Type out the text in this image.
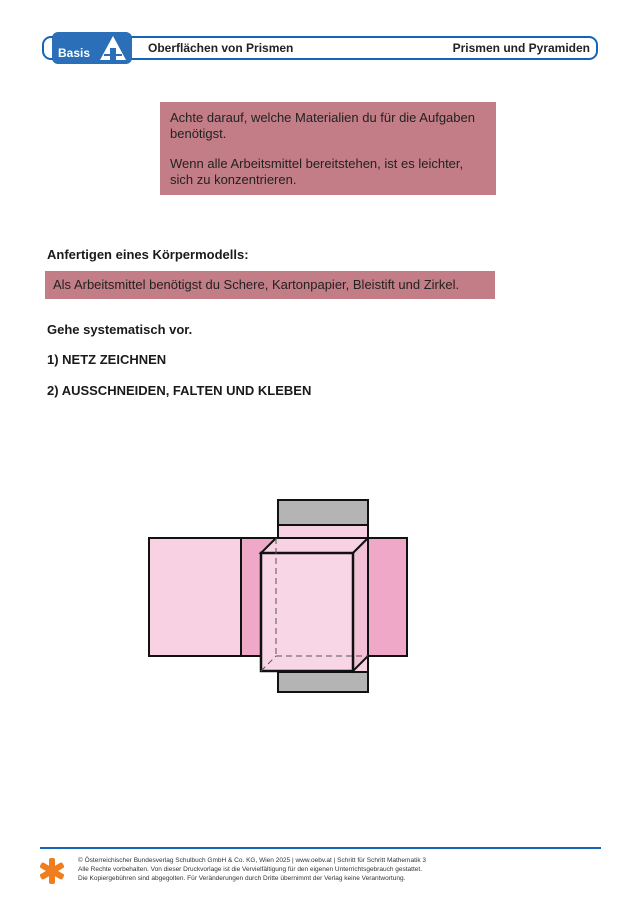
Basis	Oberflächen von Prismen	Prismen und Pyramiden

Achte darauf, welche Materialien du für die Aufgaben benötigst.

Wenn alle Arbeitsmittel bereitstehen, ist es leichter, sich zu konzentrieren.

Anfertigen eines Körpermodells:
Als Arbeitsmittel benötigst du Schere, Kartonpapier, Bleistift und Zirkel.
Gehe systematisch vor.
1) NETZ ZEICHNEN
2) AUSSCHNEIDEN, FALTEN UND KLEBEN
© Österreichischer Bundesverlag Schulbuch GmbH & Co. KG, Wien 2025 | www.oebv.at | Schritt für Schritt Mathematik 3
Alle Rechte vorbehalten. Von dieser Druckvorlage ist die Vervielfältigung für den eigenen Unterrichtsgebrauch gestattet.
Die Kopiergebühren sind abgegolten. Für Veränderungen durch Dritte übernimmt der Verlag keine Verantwortung.
